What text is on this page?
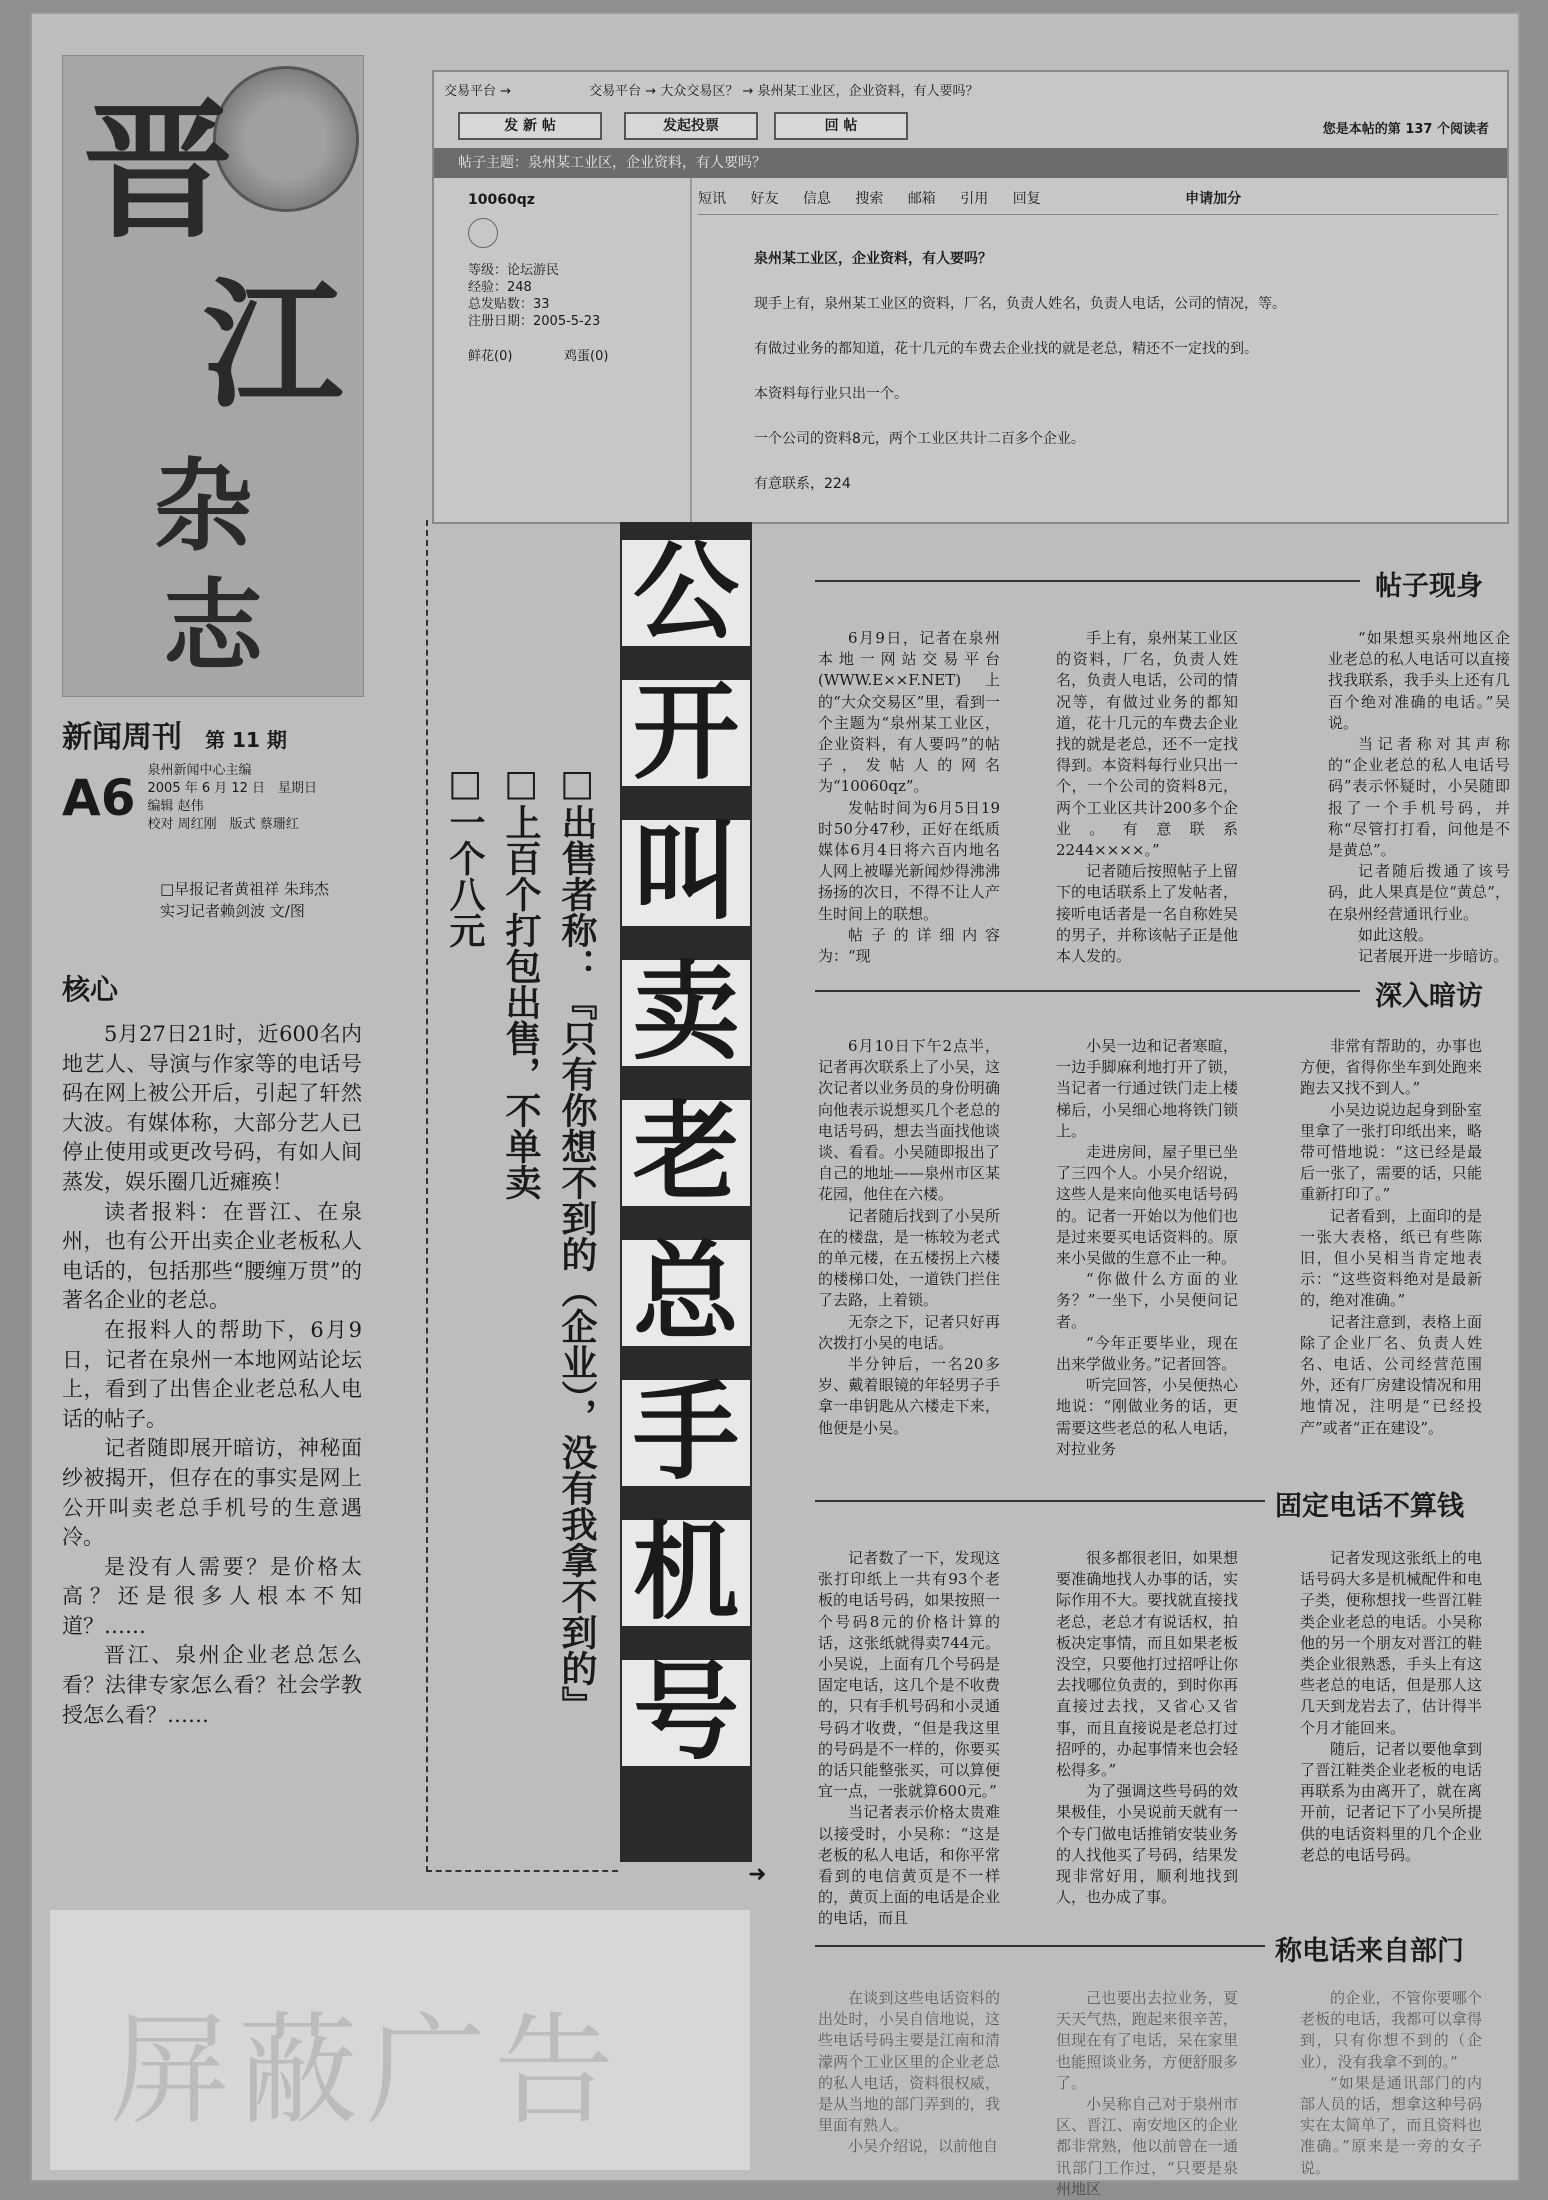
晋
江
杂
志
新闻周刊 第 11 期
A6 泉州新闻中心主编
2005 年 6 月 12 日　星期日
编辑 赵伟
校对 周红刚　版式 蔡珊红
□早报记者黄祖祥 朱玮杰
实习记者赖剑波 文/图
核心

5月27日21时，近600名内地艺人、导演与作家等的电话号码在网上被公开后，引起了轩然大波。有媒体称，大部分艺人已停止使用或更改号码，有如人间蒸发，娱乐圈几近瘫痪！

读者报料：在晋江、在泉州，也有公开出卖企业老板私人电话的，包括那些“腰缠万贯”的著名企业的老总。

在报料人的帮助下，6月9日，记者在泉州一本地网站论坛上，看到了出售企业老总私人电话的帖子。

记者随即展开暗访，神秘面纱被揭开，但存在的事实是网上公开叫卖老总手机号的生意遇冷。

是没有人需要？是价格太高？还是很多人根本不知道？……

晋江、泉州企业老总怎么看？法律专家怎么看？社会学教授怎么看？……

屏蔽广告
交易平台 →	交易平台 → 大众交易区？ → 泉州某工业区，企业资料，有人要吗？
发 新 帖	发起投票	回 帖	您是本帖的第 137 个阅读者
帖子主题：泉州某工业区，企业资料，有人要吗？
10060qz
等级：论坛游民
经验：248
总发贴数：33
注册日期：2005-5-23
鲜花(0)	鸡蛋(0)
短讯 好友 信息 搜索 邮箱 引用 回复	申请加分
泉州某工业区，企业资料，有人要吗？
现手上有，泉州某工业区的资料，厂名，负责人姓名，负责人电话，公司的情况，等。
有做过业务的都知道，花十几元的车费去企业找的就是老总，精还不一定找的到。
本资料每行业只出一个。
一个公司的资料8元，两个工业区共计二百多个企业。
有意联系，224
□出售者称：『只有你想不到的（企业），没有我拿不到的』
□上百个打包出售，不单卖
□一个八元
公
开
叫
卖
老
总
手
机
号
➜
帖子现身

6月9日，记者在泉州本地一网站交易平台(WWW.E××F.NET)上的“大众交易区”里，看到一个主题为“泉州某工业区，企业资料，有人要吗”的帖子，发帖人的网名为“10060qz”。

发帖时间为6月5日19时50分47秒，正好在纸质媒体6月4日将六百内地名人网上被曝光新闻炒得沸沸扬扬的次日，不得不让人产生时间上的联想。

帖子的详细内容为：“现

手上有，泉州某工业区的资料，厂名，负责人姓名，负责人电话，公司的情况等，有做过业务的都知道，花十几元的车费去企业找的就是老总，还不一定找得到。本资料每行业只出一个，一个公司的资料8元，两个工业区共计200多个企业。有意联系2244××××。”

记者随后按照帖子上留下的电话联系上了发帖者，接听电话者是一名自称姓吴的男子，并称该帖子正是他本人发的。

“如果想买泉州地区企业老总的私人电话可以直接找我联系，我手头上还有几百个绝对准确的电话。”吴说。

当记者称对其声称的“企业老总的私人电话号码”表示怀疑时，小吴随即报了一个手机号码，并称“尽管打打看，问他是不是黄总”。

记者随后拨通了该号码，此人果真是位“黄总”，在泉州经营通讯行业。

如此这般。

记者展开进一步暗访。

深入暗访

6月10日下午2点半，记者再次联系上了小吴，这次记者以业务员的身份明确向他表示说想买几个老总的电话号码，想去当面找他谈谈、看看。小吴随即报出了自己的地址——泉州市区某花园，他住在六楼。

记者随后找到了小吴所在的楼盘，是一栋较为老式的单元楼，在五楼拐上六楼的楼梯口处，一道铁门拦住了去路，上着锁。

无奈之下，记者只好再次拨打小吴的电话。

半分钟后，一名20多岁、戴着眼镜的年轻男子手拿一串钥匙从六楼走下来，他便是小吴。

小吴一边和记者寒暄，一边手脚麻利地打开了锁，当记者一行通过铁门走上楼梯后，小吴细心地将铁门锁上。

走进房间，屋子里已坐了三四个人。小吴介绍说，这些人是来向他买电话号码的。记者一开始以为他们也是过来要买电话资料的。原来小吴做的生意不止一种。

“你做什么方面的业务？”一坐下，小吴便问记者。

“今年正要毕业，现在出来学做业务。”记者回答。

听完回答，小吴便热心地说：“刚做业务的话，更需要这些老总的私人电话，对拉业务

非常有帮助的，办事也方便，省得你坐车到处跑来跑去又找不到人。”

小吴边说边起身到卧室里拿了一张打印纸出来，略带可惜地说：“这已经是最后一张了，需要的话，只能重新打印了。”

记者看到，上面印的是一张大表格，纸已有些陈旧，但小吴相当肯定地表示：“这些资料绝对是最新的，绝对准确。”

记者注意到，表格上面除了企业厂名、负责人姓名、电话、公司经营范围外，还有厂房建设情况和用地情况，注明是“已经投产”或者“正在建设”。

固定电话不算钱

记者数了一下，发现这张打印纸上一共有93个老板的电话号码，如果按照一个号码8元的价格计算的话，这张纸就得卖744元。小吴说，上面有几个号码是固定电话，这几个是不收费的，只有手机号码和小灵通号码才收费，“但是我这里的号码是不一样的，你要买的话只能整张买，可以算便宜一点，一张就算600元。”

当记者表示价格太贵难以接受时，小吴称：“这是老板的私人电话，和你平常看到的电信黄页是不一样的，黄页上面的电话是企业的电话，而且

很多都很老旧，如果想要准确地找人办事的话，实际作用不大。要找就直接找老总，老总才有说话权，拍板决定事情，而且如果老板没空，只要他打过招呼让你去找哪位负责的，到时你再直接过去找，又省心又省事，而且直接说是老总打过招呼的，办起事情来也会轻松得多。”

为了强调这些号码的效果极佳，小吴说前天就有一个专门做电话推销安装业务的人找他买了号码，结果发现非常好用，顺利地找到人，也办成了事。

记者发现这张纸上的电话号码大多是机械配件和电子类，便称想找一些晋江鞋类企业老总的电话。小吴称他的另一个朋友对晋江的鞋类企业很熟悉，手头上有这些老总的电话，但是那人这几天到龙岩去了，估计得半个月才能回来。

随后，记者以要他拿到了晋江鞋类企业老板的电话再联系为由离开了，就在离开前，记者记下了小吴所提供的电话资料里的几个企业老总的电话号码。

称电话来自部门

在谈到这些电话资料的出处时，小吴自信地说，这些电话号码主要是江南和清濛两个工业区里的企业老总的私人电话，资料很权威，是从当地的部门弄到的，我里面有熟人。

小吴介绍说，以前他自

己也要出去拉业务，夏天天气热，跑起来很辛苦，但现在有了电话，呆在家里也能照谈业务，方便舒服多了。

小吴称自己对于泉州市区、晋江、南安地区的企业都非常熟，他以前曾在一通讯部门工作过，“只要是泉州地区

的企业，不管你要哪个老板的电话，我都可以拿得到，只有你想不到的（企业），没有我拿不到的。”

“如果是通讯部门的内部人员的话，想拿这种号码实在太简单了，而且资料也准确。”原来是一旁的女子说。
